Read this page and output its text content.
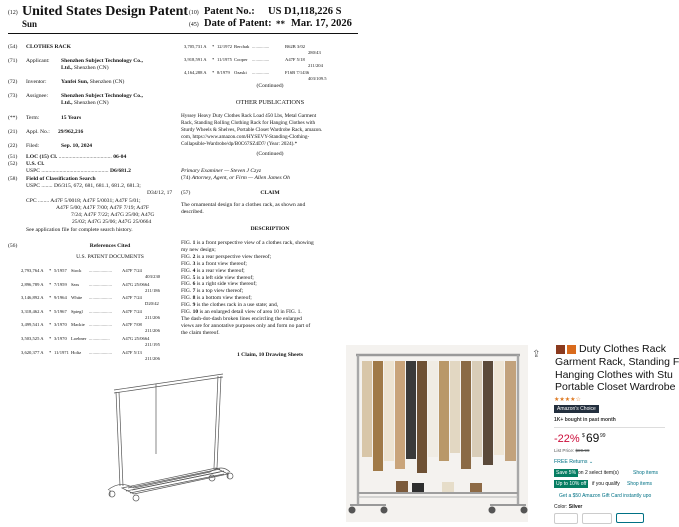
(12) United States Design Patent
Sun
(10) Patent No.: US D1,118,226 S
(45) Date of Patent: ** Mar. 17, 2026
(54) CLOTHES RACK
(71) Applicant: Shenzhen Subject Technology Co.,
Ltd., Shenzhen (CN)
(72) Inventor:	Yanfei Sun, Shenzhen (CN)
(73) Assignee: Shenzhen Subject Technology Co.,
Ltd., Shenzhen (CN)
(**) Term:	15 Years
(21) Appl. No.: 29/962,216
(22) Filed:	Sep. 10, 2024
(51) LOC (15) Cl. ...................................... 06-04
(52) U.S. Cl.
USPC ................................................ D6/681.2
(58) Field of Classification Search
USPC ........ D6/315, 672, 681, 681.1, 681.2, 681.3;
D34/12, 17
CPC ........ A47F 5/0018; A47F 5/0031; A47F 5/01;
A47F 5/00; A47F 7/00; A47F 7/19; A47F
7/24; A47F 7/22; A47G 25/00; A47G
25/02; A47G 25/06; A47G 25/0664
See application file for complete search history.
(56)	References Cited
U.S. PATENT DOCUMENTS
2,793,764 A * 5/1957 Stock .................... A47F 7/24
403/230
2,896,789 A * 7/1959 Sass .................... A47G 25/0664
211/186
3,146,892 A * 9/1964 White .................... A47F 7/24
D20/42
3,318,462 A * 5/1967 Spiegl .................... A47F 7/24
211/206
3,499,541 A * 3/1970 Mackie .................... A47F 7/08
211/206
3,503,525 A * 3/1970 Loebner ..................	A47G 25/0664
211/195
3,620,377 A * 11/1971 Holtz .................... A47F 5/13
211/206
3,705,731 A * 12/1972 Berchak ...............	B62B 3/02
280/43
3,918,591 A * 11/1975 Cooper ...............	A47F 5/18
211/204
4,164,288 A * 8/1979 Ozaski ...............	F16B 7/1436
403/109.5
(Continued)
OTHER PUBLICATIONS
Hyssey Heavy Duty Clothes Rack Load 450 Lbs, Metal Garment
Rack, Standing Rolling Clothing Rack for Hanging Clothes with
Sturdy Wheels & Shelves, Portable Closet Wardrobe Rack, amazon.
com, https://www.amazon.com/HYSEVY-Standing-Clothing-
Collapsible-Wardrobe/dp/B0C67SZ4D7/ (Year: 2024).*
(Continued)
Primary Examiner — Steven J Czyz
(74) Attorney, Agent, or Firm — Allen James Oh
(57)	CLAIM
The ornamental design for a clothes rack, as shown and
described.
DESCRIPTION
FIG. 1 is a front perspective view of a clothes rack, showing
my new design;
FIG. 2 is a rear perspective view thereof;
FIG. 3 is a front view thereof;
FIG. 4 is a rear view thereof;
FIG. 5 is a left side view thereof;
FIG. 6 is a right side view thereof;
FIG. 7 is a top view thereof;
FIG. 8 is a bottom view thereof;
FIG. 9 is the clothes rack in a use state; and,
FIG. 10 is an enlarged detail view of area 10 in FIG. 1.
The dash-dot-dash broken lines encircling the enlarged
views are for annotative purposes only and form no part of
the claim thereof.
1 Claim, 10 Drawing Sheets	⇪	Duty Clothes Rack
Garment Rack, Standing F
Hanging Clothes with Stu
Portable Closet Wardrobe
★★★★☆
Amazon's Choice
1K+ bought in past month
-22% $ 69 99
List Price: $89.99
FREE Returns ⌄
Save 5% on 2 select item(s)	Shop items
Up to 10% off	if you qualify Shop items
Get a $50 Amazon Gift Card instantly upo
Color: Silver
